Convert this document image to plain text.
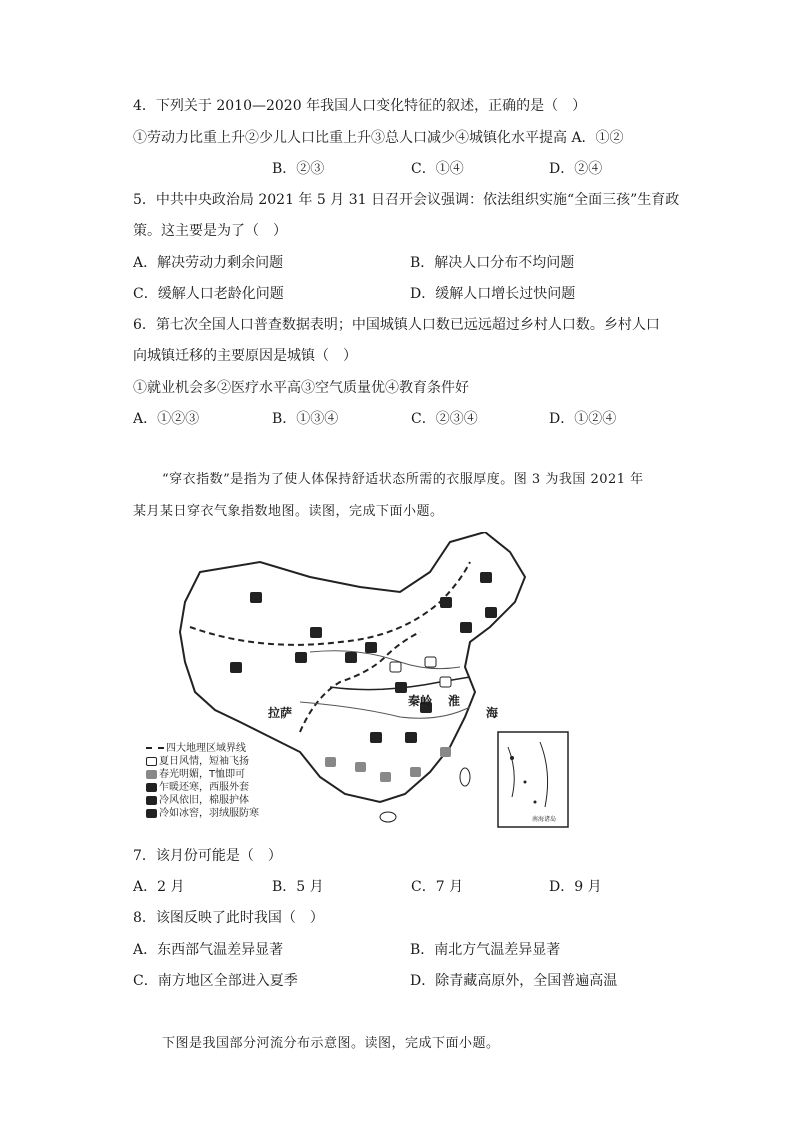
4．下列关于 2010—2020 年我国人口变化特征的叙述，正确的是（　）
①劳动力比重上升②少儿人口比重上升③总人口减少④城镇化水平提高 A．①②
B．②③	C．①④	D．②④
5．中共中央政治局 2021 年 5 月 31 日召开会议强调：依法组织实施“全面三孩”生育政
策。这主要是为了（　）
A．解决劳动力剩余问题	B．解决人口分布不均问题
C．缓解人口老龄化问题	D．缓解人口增长过快问题
6．第七次全国人口普查数据表明；中国城镇人口数已远远超过乡村人口数。乡村人口
向城镇迁移的主要原因是城镇（　）
①就业机会多②医疗水平高③空气质量优④教育条件好
A．①②③	B．①③④	C．②③④	D．①②④
“穿衣指数”是指为了使人体保持舒适状态所需的衣服厚度。图 3 为我国 2021 年
某月某日穿衣气象指数地图。读图，完成下面小题。
拉萨
秦岭 淮
海
南海诸岛
四大地理区域界线
夏日风情，短袖飞扬
春光明媚，T恤即可
乍暖还寒，西服外套
冷风依旧，棉服护体
冷如冰窖，羽绒服防寒
7．该月份可能是（　）
A．2 月	B．5 月	C．7 月	D．9 月
8．该图反映了此时我国（　）
A．东西部气温差异显著	B．南北方气温差异显著
C．南方地区全部进入夏季	D．除青藏高原外，全国普遍高温
下图是我国部分河流分布示意图。读图，完成下面小题。
